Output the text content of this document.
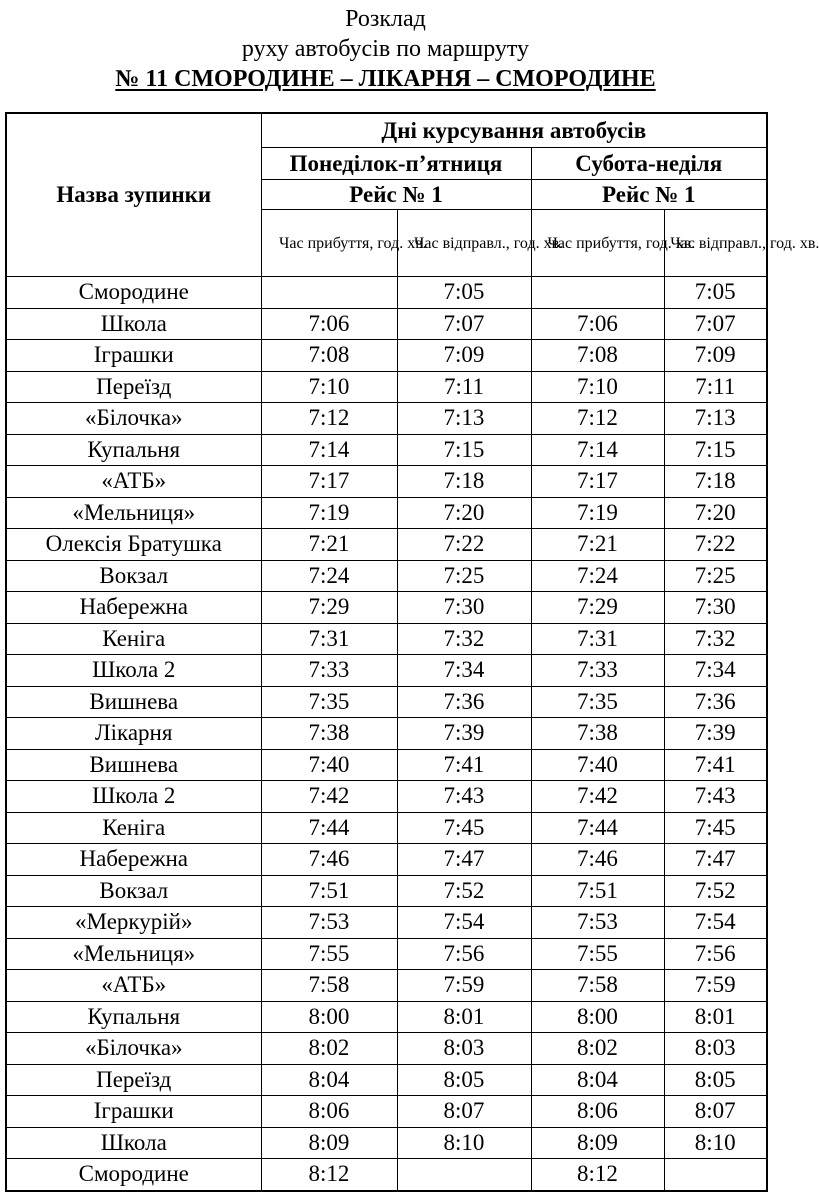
Розклад
руху автобусів по маршруту
№ 11 СМОРОДИНЕ – ЛІКАРНЯ – СМОРОДИНЕ
Назва зупинки	Дні курсування автобусів			
	Понеділок-п’ятниця		Субота-неділя	
	Рейс № 1		Рейс № 1	
	Час прибуття, год. хв.	Час відправл., год. хв.	Час прибуття, год. хв.	Час відправл., год. хв.
Смородине		7:05		7:05
Школа	7:06	7:07	7:06	7:07
Іграшки	7:08	7:09	7:08	7:09
Переїзд	7:10	7:11	7:10	7:11
«Білочка»	7:12	7:13	7:12	7:13
Купальня	7:14	7:15	7:14	7:15
«АТБ»	7:17	7:18	7:17	7:18
«Мельниця»	7:19	7:20	7:19	7:20
Олексія Братушка	7:21	7:22	7:21	7:22
Вокзал	7:24	7:25	7:24	7:25
Набережна	7:29	7:30	7:29	7:30
Кеніга	7:31	7:32	7:31	7:32
Школа 2	7:33	7:34	7:33	7:34
Вишнева	7:35	7:36	7:35	7:36
Лікарня	7:38	7:39	7:38	7:39
Вишнева	7:40	7:41	7:40	7:41
Школа 2	7:42	7:43	7:42	7:43
Кеніга	7:44	7:45	7:44	7:45
Набережна	7:46	7:47	7:46	7:47
Вокзал	7:51	7:52	7:51	7:52
«Меркурій»	7:53	7:54	7:53	7:54
«Мельниця»	7:55	7:56	7:55	7:56
«АТБ»	7:58	7:59	7:58	7:59
Купальня	8:00	8:01	8:00	8:01
«Білочка»	8:02	8:03	8:02	8:03
Переїзд	8:04	8:05	8:04	8:05
Іграшки	8:06	8:07	8:06	8:07
Школа	8:09	8:10	8:09	8:10
Смородине	8:12		8:12	
